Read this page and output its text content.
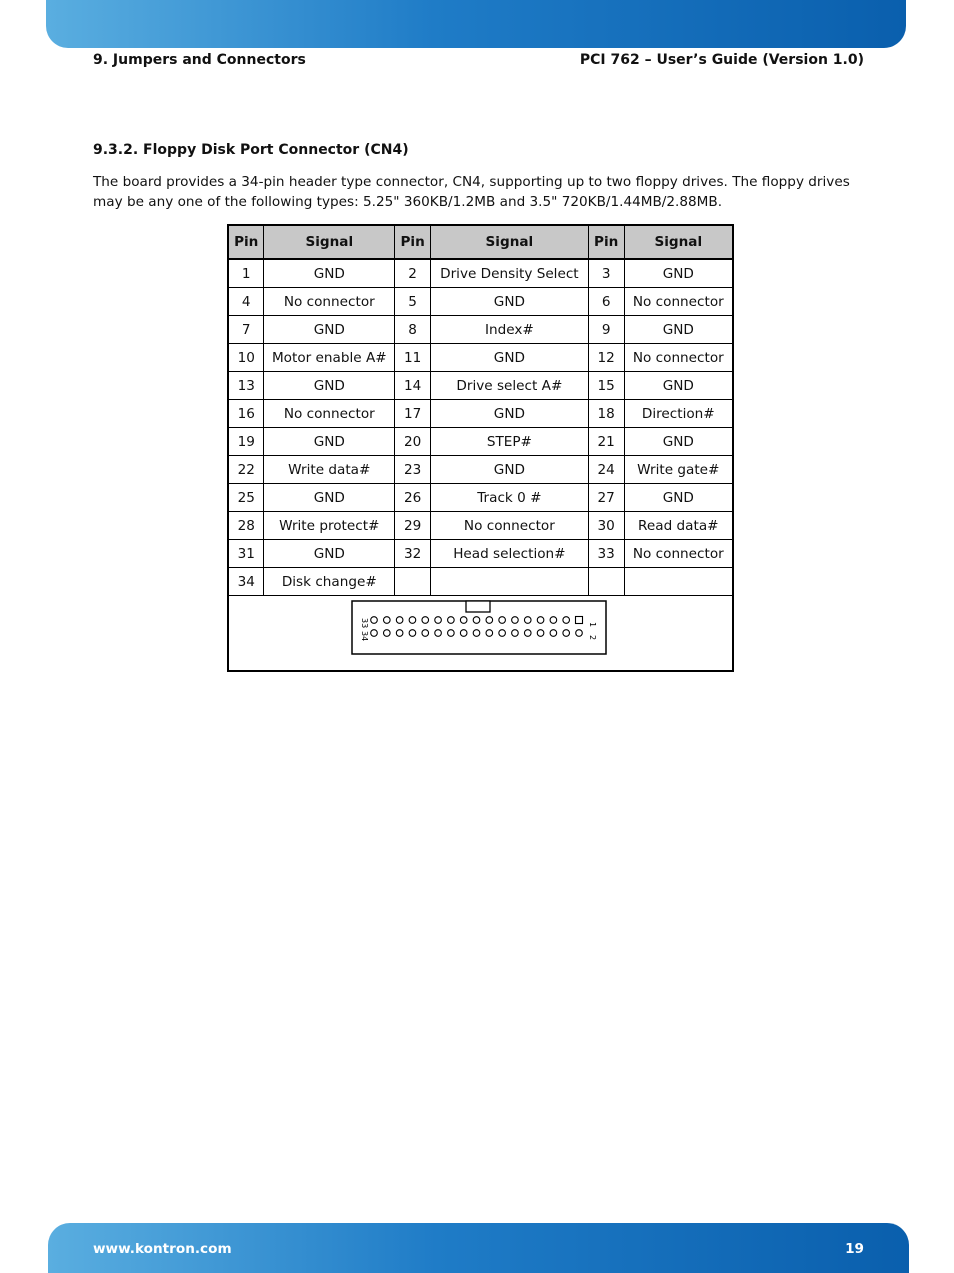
9. Jumpers and Connectors	PCI 762 – User’s Guide (Version 1.0)
9.3.2. Floppy Disk Port Connector (CN4)
The board provides a 34-pin header type connector, CN4, supporting up to two floppy drives. The floppy drives may be any one of the following types: 5.25" 360KB/1.2MB and 3.5" 720KB/1.44MB/2.88MB.
Pin	Signal	Pin	Signal	Pin	Signal
1	GND	2	Drive Density Select	3	GND
4	No connector	5	GND	6	No connector
7	GND	8	Index#	9	GND
10	Motor enable A#	11	GND	12	No connector
13	GND	14	Drive select A#	15	GND
16	No connector	17	GND	18	Direction#
19	GND	20	STEP#	21	GND
22	Write data#	23	GND	24	Write gate#
25	GND	26	Track 0 #	27	GND
28	Write protect#	29	No connector	30	Read data#
31	GND	32	Head selection#	33	No connector
34	Disk change#				

1
2
33
34					
www.kontron.com	19
